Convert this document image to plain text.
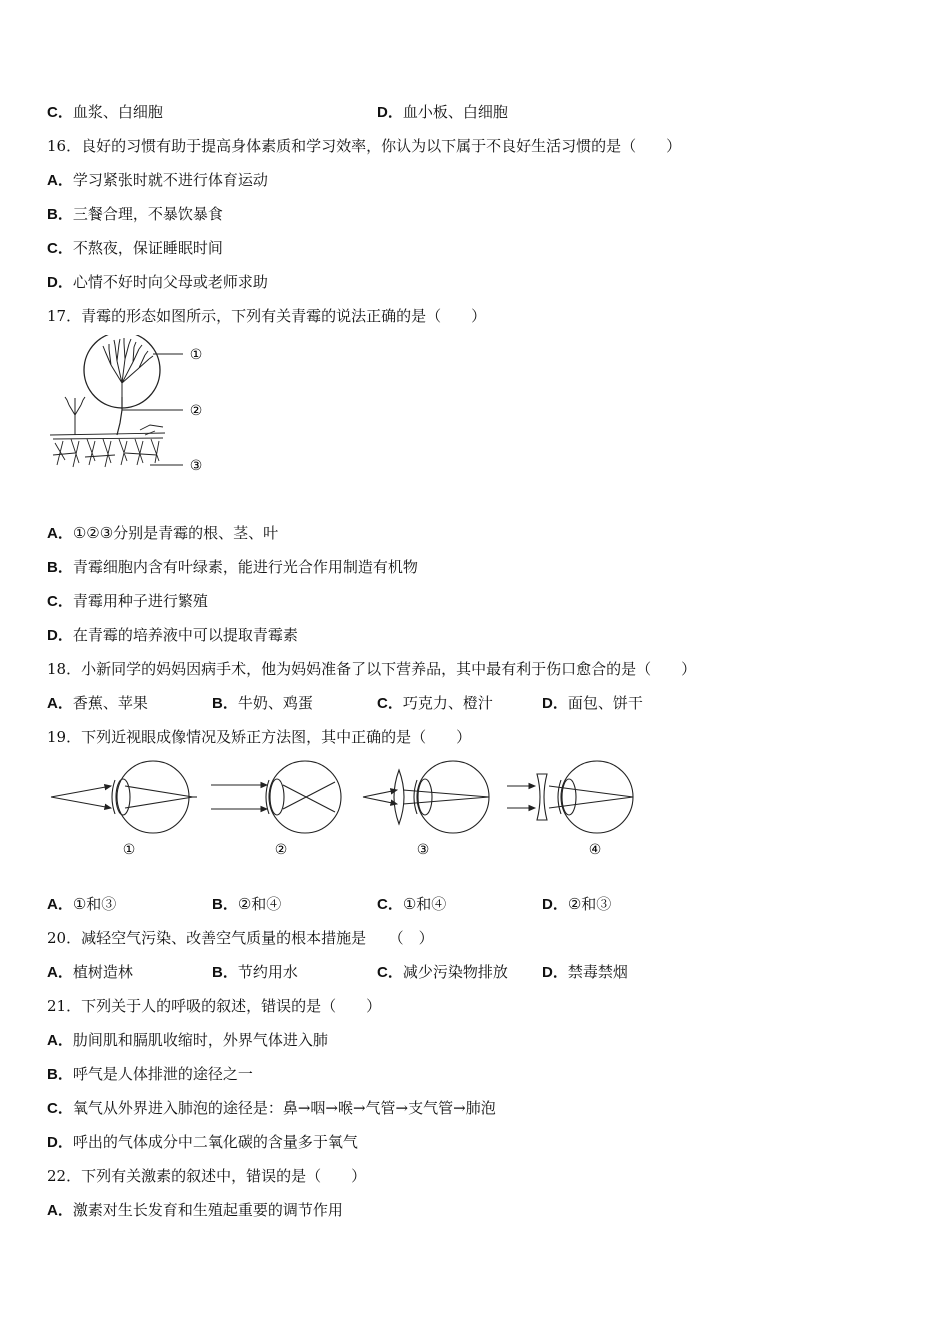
C．血浆、白细胞	D．血小板、白细胞
16．良好的习惯有助于提高身体素质和学习效率，你认为以下属于不良好生活习惯的是（　　）
A．学习紧张时就不进行体育运动
B．三餐合理，不暴饮暴食
C．不熬夜，保证睡眠时间
D．心情不好时向父母或老师求助
17．青霉的形态如图所示，下列有关青霉的说法正确的是（　　）
①
②
③
A．①②③分别是青霉的根、茎、叶
B．青霉细胞内含有叶绿素，能进行光合作用制造有机物
C．青霉用种子进行繁殖
D．在青霉的培养液中可以提取青霉素
18．小新同学的妈妈因病手术，他为妈妈准备了以下营养品，其中最有利于伤口愈合的是（　　）
A．香蕉、苹果	B．牛奶、鸡蛋	C．巧克力、橙汁	D．面包、饼干
19．下列近视眼成像情况及矫正方法图，其中正确的是（　　）
①	②	③	④
A．①和③	B．②和④	C．①和④	D．②和③
20．减轻空气污染、改善空气质量的根本措施是　　（　）
A．植树造林	B．节约用水	C．减少污染物排放 D．禁毒禁烟
21．下列关于人的呼吸的叙述，错误的是（　　）
A．肋间肌和膈肌收缩时，外界气体进入肺
B．呼气是人体排泄的途径之一
C．氧气从外界进入肺泡的途径是：鼻→咽→喉→气管→支气管→肺泡
D．呼出的气体成分中二氧化碳的含量多于氧气
22．下列有关激素的叙述中，错误的是（　　）
A．激素对生长发育和生殖起重要的调节作用
